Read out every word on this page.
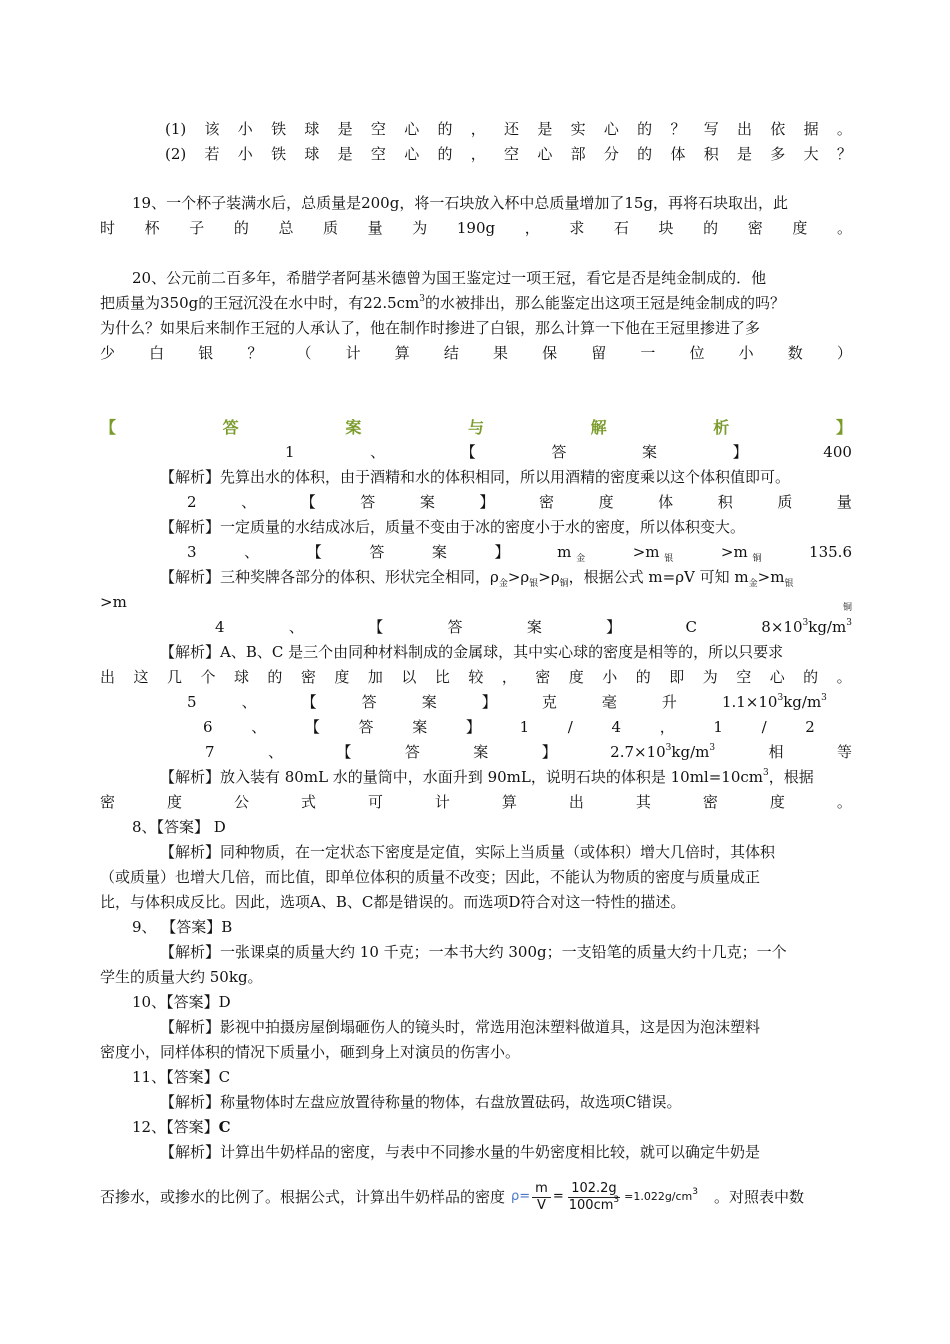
(1) 该 小 铁 球 是 空 心 的 ， 还 是 实 心 的 ？ 写 出 依 据 。
(2) 若 小 铁 球 是 空 心 的 ， 空 心 部 分 的 体 积 是 多 大 ？
19、一个杯子装满水后，总质量是200g，将一石块放入杯中总质量增加了15g，再将石块取出，此
时 杯 子 的 总 质 量 为 190g ， 求 石 块 的 密 度 。
20、公元前二百多年，希腊学者阿基米德曾为国王鉴定过一项王冠，看它是否是纯金制成的．他
把质量为350g的王冠沉没在水中时，有$22.5cm^3$的水被排出，那么能鉴定出这项王冠是纯金制成的吗？
为什么？如果后来制作王冠的人承认了，他在制作时掺进了白银，那么计算一下他在王冠里掺进了多
少 白 银 ？ （ 计 算 结 果 保 留 一 位 小 数 ）
【	答	案	与	解	析	】
1	、	【	答	案	】	400
【解析】先算出水的体积，由于酒精和水的体积相同，所以用酒精的密度乘以这个体积值即可。
2	、	【	答	案	】	密	度	体	积	质	量
【解析】一定质量的水结成冰后，质量不变由于冰的密度小于水的密度，所以体积变大。
3	、	【	答	案	】	m $_金$	>m $_银$	>m $_铜$	135.6
【解析】三种奖牌各部分的体积、形状完全相同，$\rho_金>\rho_银>\rho_铜$，根据公式 m=ρV 可知 $m_金>m_银$
>m	铜
4	、	【	答	案	】	C	$8\times 10^3kg/m^3$
【解析】A、B、C 是三个由同种材料制成的金属球，其中实心球的密度是相等的，所以只要求
出 这 几 个 球 的 密 度 加 以 比 较 ， 密 度 小 的 即 为 空 心 的 。
5	、	【	答	案	】	克	毫	升	$1.1\times 10^3kg/m^3$
6	、	【	答	案	】	1	/	4	，	1	/	2
7	、	【	答	案	】	$2.7\times 10^3kg/m^3$	相	等
【解析】放入装有 80mL 水的量筒中，水面升到 90mL，说明石块的体积是 $10ml=10cm^3$，根据
密	度	公	式	可	计	算	出	其	密	度	。
8、【答案】 D
【解析】同种物质，在一定状态下密度是定值，实际上当质量（或体积）增大几倍时，其体积
（或质量）也增大几倍，而比值，即单位体积的质量不改变；因此，不能认为物质的密度与质量成正
比，与体积成反比。因此，选项A、B、C都是错误的。而选项D符合对这一特性的描述。
9、 【答案】B
【解析】一张课桌的质量大约 10 千克；一本书大约 300g；一支铅笔的质量大约十几克；一个
学生的质量大约 50kg。
10、【答案】D
【解析】影视中拍摄房屋倒塌砸伤人的镜头时，常选用泡沫塑料做道具，这是因为泡沫塑料
密度小，同样体积的情况下质量小，砸到身上对演员的伤害小。
11、【答案】C
【解析】称量物体时左盘应放置待称量的物体，右盘放置砝码，故选项C错误。
12、【答案】C
【解析】计算出牛奶样品的密度，与表中不同掺水量的牛奶密度相比较，就可以确定牛奶是
否掺水，或掺水的比例了。根据公式，计算出牛奶样品的密度 $\rho= \frac{m}{V} = \frac{102.2g}{100cm^3} =1.022g/cm^3$ 。对照表中数
